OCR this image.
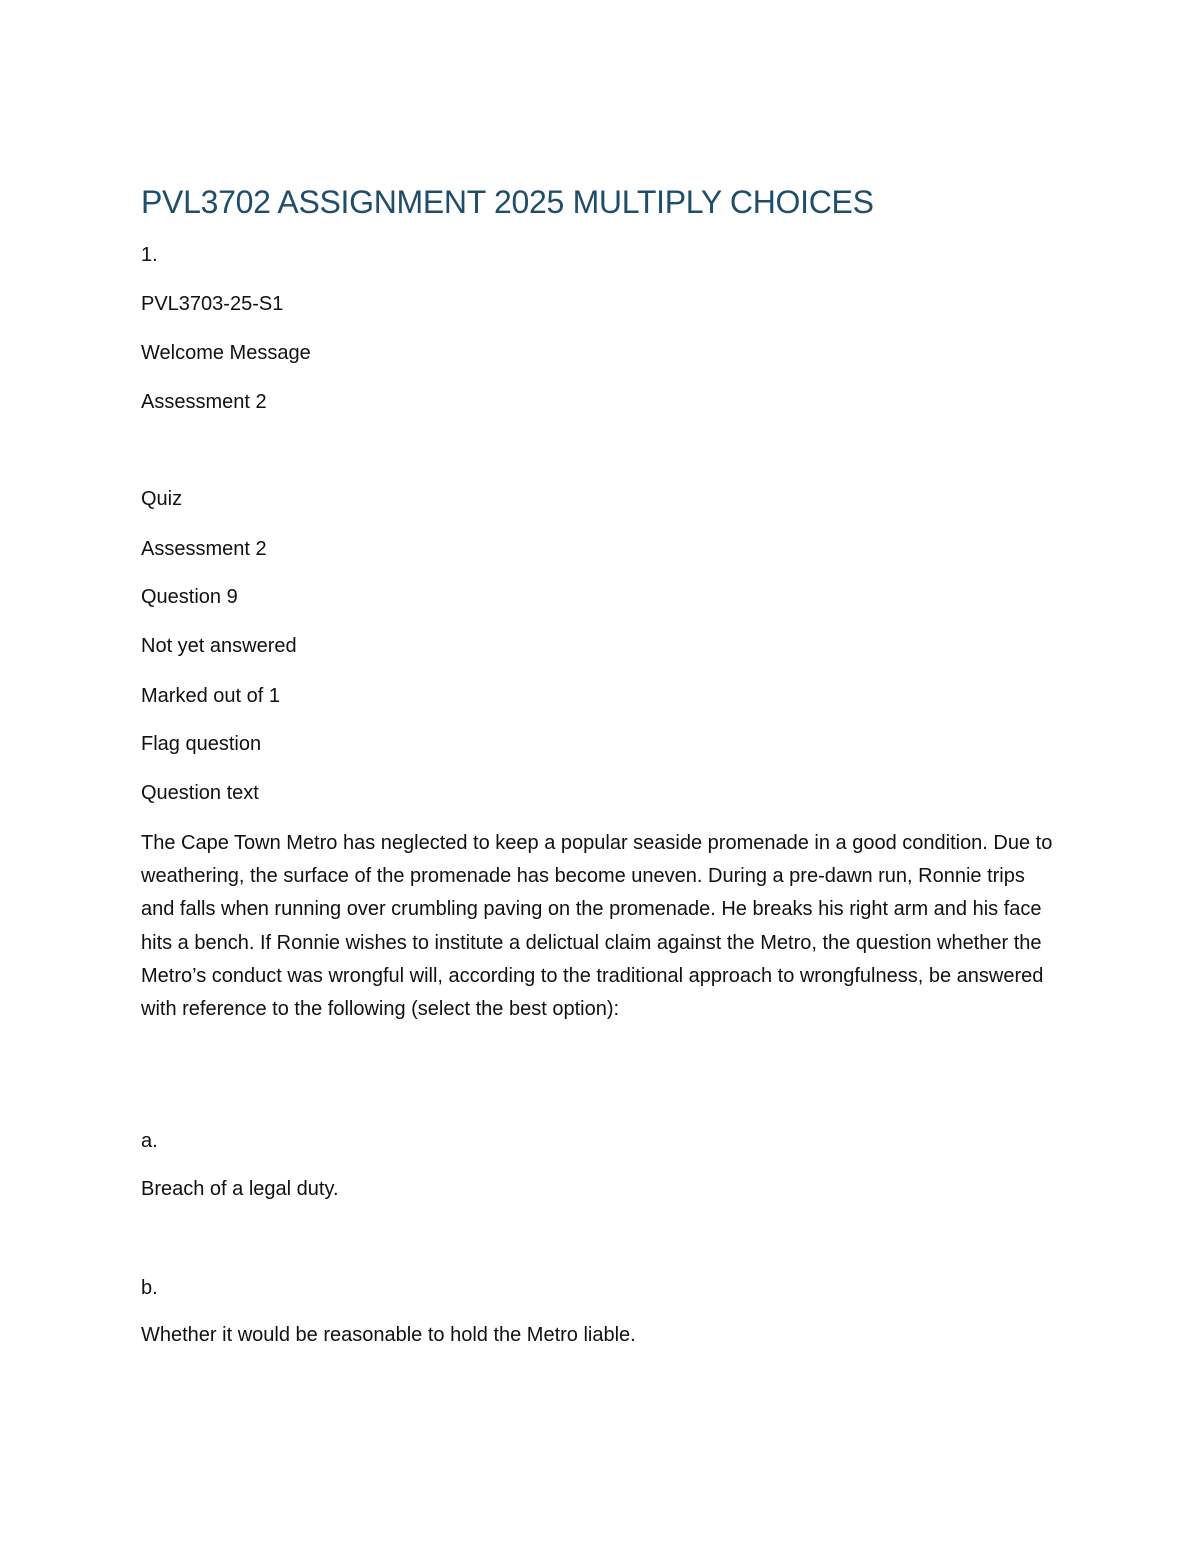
PVL3702 ASSIGNMENT 2025 MULTIPLY CHOICES

1.

PVL3703-25-S1

Welcome Message

Assessment 2

Quiz

Assessment 2

Question 9

Not yet answered

Marked out of 1

Flag question

Question text

The Cape Town Metro has neglected to keep a popular seaside promenade in a good condition. Due to weathering, the surface of the promenade has become uneven. During a pre-dawn run, Ronnie trips and falls when running over crumbling paving on the promenade. He breaks his right arm and his face hits a bench. If Ronnie wishes to institute a delictual claim against the Metro, the question whether the Metro’s conduct was wrongful will, according to the traditional approach to wrongfulness, be answered with reference to the following (select the best option):

a.

Breach of a legal duty.

b.

Whether it would be reasonable to hold the Metro liable.
